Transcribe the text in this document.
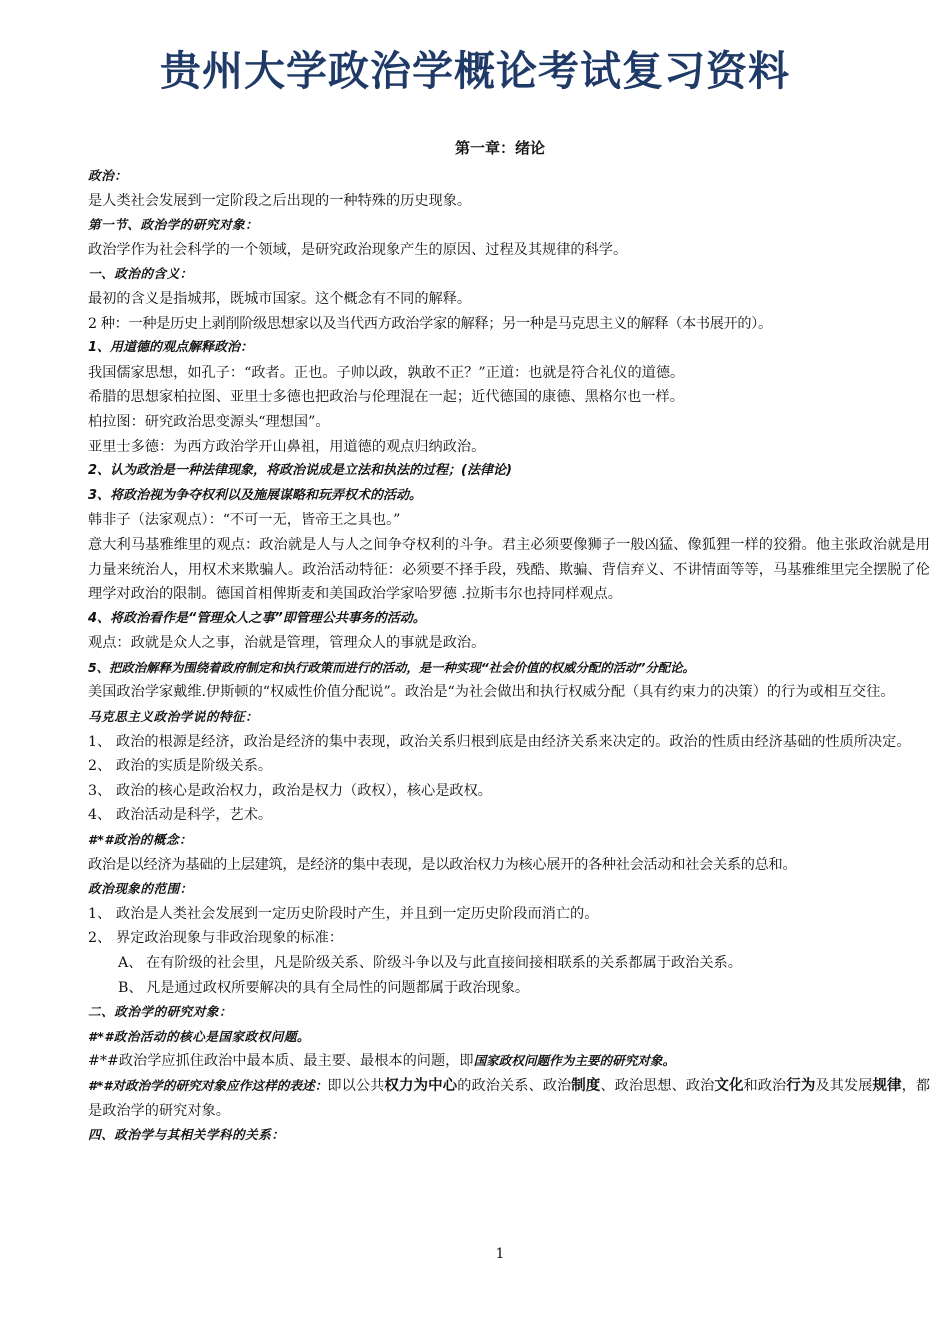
贵州大学政治学概论考试复习资料

第一章：绪论

政治：

是人类社会发展到一定阶段之后出现的一种特殊的历史现象。

第一节、政治学的研究对象：

政治学作为社会科学的一个领域，是研究政治现象产生的原因、过程及其规律的科学。

一、政治的含义：

最初的含义是指城邦，既城市国家。这个概念有不同的解释。

2 种：一种是历史上剥削阶级思想家以及当代西方政治学家的解释；另一种是马克思主义的解释（本书展开的）。

1、用道德的观点解释政治：

我国儒家思想，如孔子：“政者。正也。子帅以政，孰敢不正？”正道：也就是符合礼仪的道德。

希腊的思想家柏拉图、亚里士多德也把政治与伦理混在一起；近代德国的康德、黑格尔也一样。

柏拉图：研究政治思变源头“理想国”。

亚里士多德：为西方政治学开山鼻祖，用道德的观点归纳政治。

2、认为政治是一种法律现象，将政治说成是立法和执法的过程；(法律论)

3、将政治视为争夺权利以及施展谋略和玩弄权术的活动。

韩非子（法家观点）：“不可一无，皆帝王之具也。”

意大利马基雅维里的观点：政治就是人与人之间争夺权利的斗争。君主必须要像狮子一般凶猛、像狐狸一样的狡猾。他主张政治就是用力量来统治人，用权术来欺骗人。政治活动特征：必须要不择手段，残酷、欺骗、背信弃义、不讲情面等等，马基雅维里完全摆脱了伦理学对政治的限制。德国首相俾斯麦和美国政治学家哈罗德 .拉斯韦尔也持同样观点。

4、将政治看作是“管理众人之事”即管理公共事务的活动。

观点：政就是众人之事，治就是管理，管理众人的事就是政治。

5、把政治解释为围绕着政府制定和执行政策而进行的活动，是一种实现“社会价值的权威分配的活动”分配论。

美国政治学家戴维.伊斯顿的“权威性价值分配说”。政治是“为社会做出和执行权威分配（具有约束力的决策）的行为或相互交往。

马克思主义政治学说的特征：

1、 政治的根源是经济，政治是经济的集中表现，政治关系归根到底是由经济关系来决定的。政治的性质由经济基础的性质所决定。
2、 政治的实质是阶级关系。
3、 政治的核心是政治权力，政治是权力（政权），核心是政权。
4、 政治活动是科学，艺术。

#*#政治的概念：

政治是以经济为基础的上层建筑，是经济的集中表现，是以政治权力为核心展开的各种社会活动和社会关系的总和。

政治现象的范围：

1、 政治是人类社会发展到一定历史阶段时产生，并且到一定历史阶段而消亡的。
2、 界定政治现象与非政治现象的标准：
A、 在有阶级的社会里，凡是阶级关系、阶级斗争以及与此直接间接相联系的关系都属于政治关系。
B、 凡是通过政权所要解决的具有全局性的问题都属于政治现象。

二、政治学的研究对象：

#*#政治活动的核心是国家政权问题。

#*#政治学应抓住政治中最本质、最主要、最根本的问题，即国家政权问题作为主要的研究对象。

#*#对政治学的研究对象应作这样的表述：即以公共权力为中心的政治关系、政治制度、政治思想、政治文化和政治行为及其发展规律，都是政治学的研究对象。

四、政治学与其相关学科的关系：

1
